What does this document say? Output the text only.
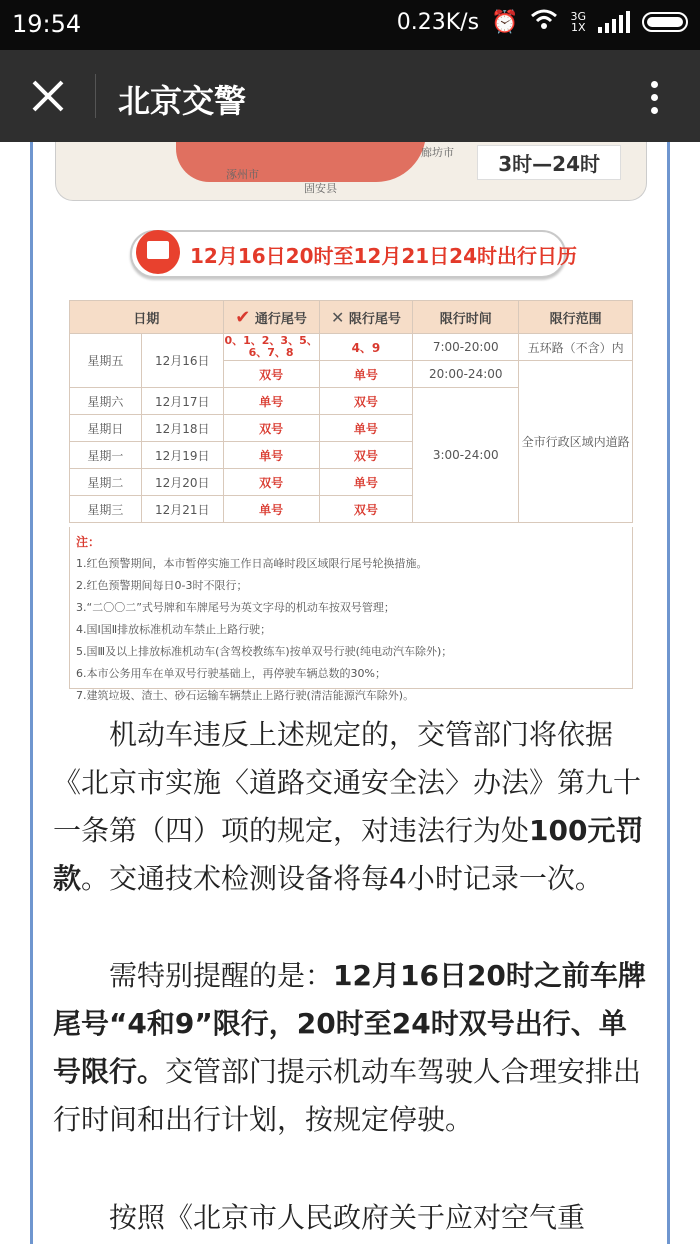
19:54	0.23K/s ⏰	3G
1X
北京交警
廊坊市
涿州市
固安县
3时—24时
12月16日20时至12月21日24时出行日历
日期		✔ 通行尾号	✕ 限行尾号	限行时间	限行范围
星期五	12月16日	0、1、2、3、5、6、7、8	4、9	7:00-20:00	五环路（不含）内
		双号	单号	20:00-24:00	全市行政区域内道路
星期六	12月17日	单号	双号	3:00-24:00	
星期日	12月18日	双号	单号		
星期一	12月19日	单号	双号		
星期二	12月20日	双号	单号		
星期三	12月21日	单号	双号		
注：
1.红色预警期间，本市暂停实施工作日高峰时段区域限行尾号轮换措施。
2.红色预警期间每日0-3时不限行；
3.“二〇〇二”式号牌和车牌尾号为英文字母的机动车按双号管理；
4.国Ⅰ国Ⅱ排放标准机动车禁止上路行驶；
5.国Ⅲ及以上排放标准机动车(含驾校教练车)按单双号行驶(纯电动汽车除外)；
6.本市公务用车在单双号行驶基础上，再停驶车辆总数的30%；
7.建筑垃圾、渣土、砂石运输车辆禁止上路行驶(清洁能源汽车除外)。
机动车违反上述规定的，交管部门将依据《北京市实施〈道路交通安全法〉办法》第九十一条第（四）项的规定，对违法行为处100元罚款。交通技术检测设备将每4小时记录一次。
需特别提醒的是：12月16日20时之前车牌尾号“4和9”限行，20时至24时双号出行、单号限行。交管部门提示机动车驾驶人合理安排出行时间和出行计划，按规定停驶。
按照《北京市人民政府关于应对空气重
